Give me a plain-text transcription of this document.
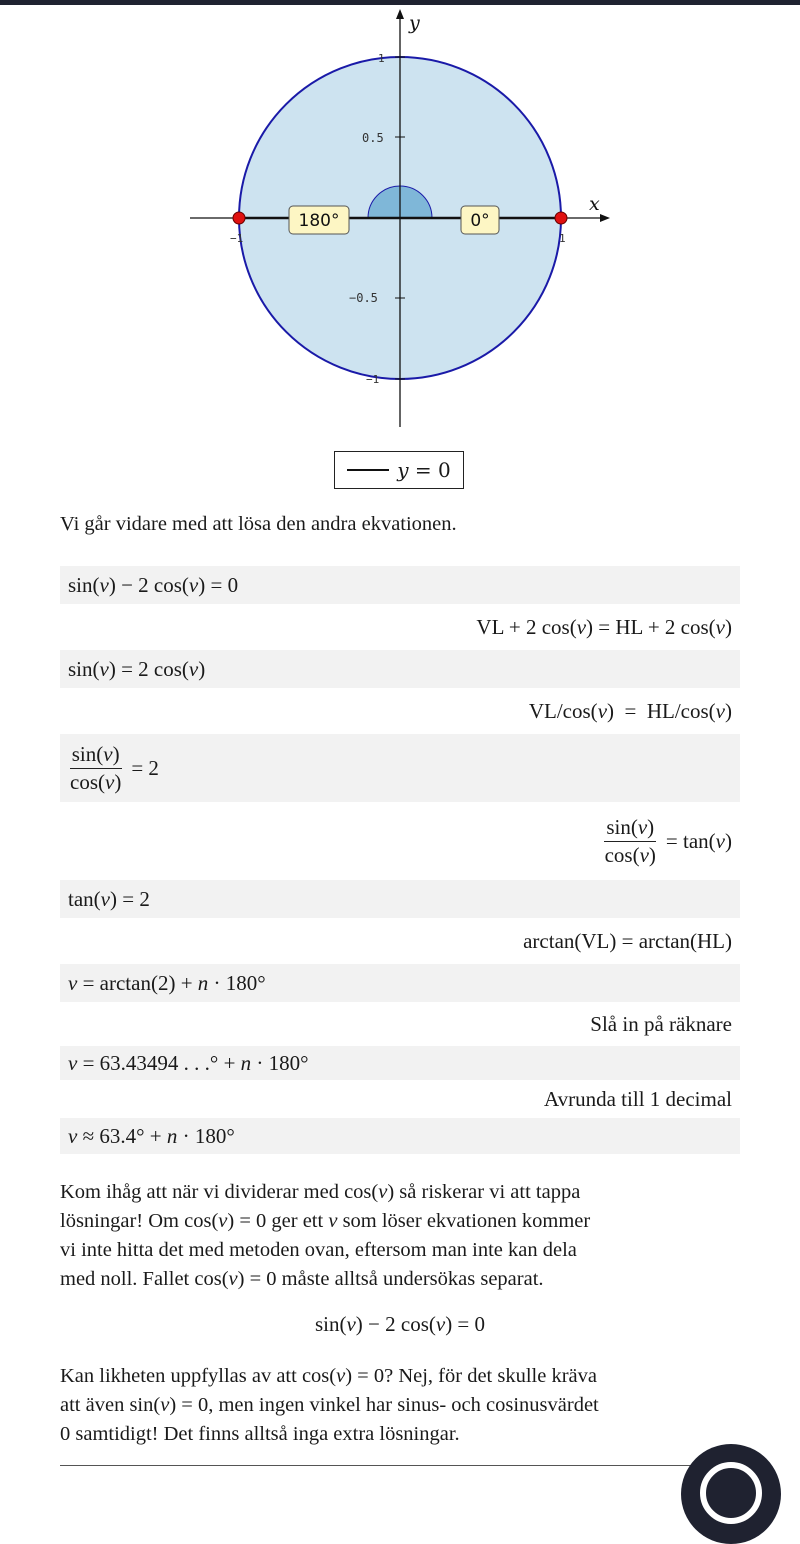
1
0.5
−0.5
−1
−1	1
x
y
180°	0°
y = 0
Vi går vidare med att lösa den andra ekvationen.
sin( v ) − 2 cos( v ) = 0
VL + 2 cos( v ) = HL + 2 cos( v )
sin( v ) = 2 cos( v )
VL/cos( v )  =  HL/cos( v )
$\frac{\sin(v)}{\cos(v)} = 2$
$\frac{\sin(v)}{\cos(v)} = \tan$( v )
tan( v ) = 2
arctan(VL) = arctan(HL)
v = arctan(2) + n · 180°
Slå in på räknare
v = 63.43494 . . .° + n · 180°
Avrunda till 1 decimal
v ≈ 63.4° + n · 180°
Kom ihåg att när vi dividerar med cos(v) så riskerar vi att tappa
lösningar! Om cos(v) = 0 ger ett v som löser ekvationen kommer
vi inte hitta det med metoden ovan, eftersom man inte kan dela
med noll. Fallet cos(v) = 0 måste alltså undersökas separat.
sin(v) − 2 cos(v) = 0
Kan likheten uppfyllas av att cos(v) = 0? Nej, för det skulle kräva
att även sin(v) = 0, men ingen vinkel har sinus- och cosinusvärdet
0 samtidigt! Det finns alltså inga extra lösningar.
